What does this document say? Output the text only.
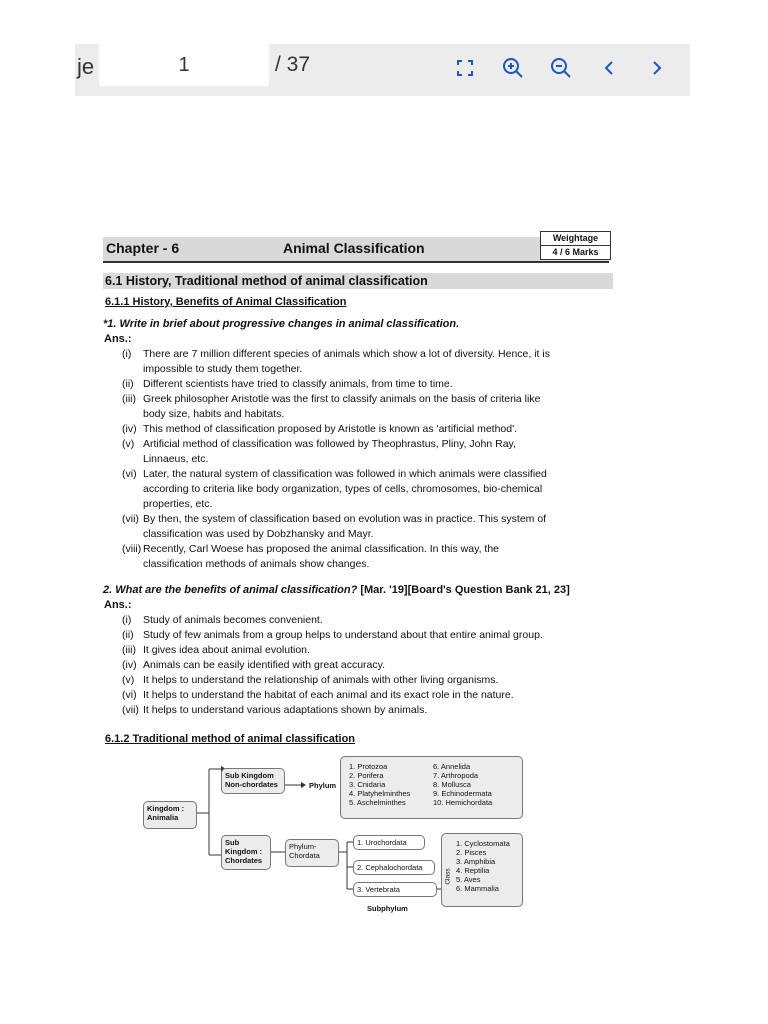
je	1	/ 37
Chapter - 6	Animal Classification
Weightage
4 / 6 Marks
6.1 History, Traditional method of animal classification
6.1.1 History, Benefits of Animal Classification
*1. Write in brief about progressive changes in animal classification.
Ans.:
(i) There are 7 million different species of animals which show a lot of diversity. Hence, it is
impossible to study them together.
(ii) Different scientists have tried to classify animals, from time to time.
(iii) Greek philosopher Aristotle was the first to classify animals on the basis of criteria like
body size, habits and habitats.
(iv) This method of classification proposed by Aristotle is known as 'artificial method'.
(v) Artificial method of classification was followed by Theophrastus, Pliny, John Ray,
Linnaeus, etc.
(vi) Later, the natural system of classification was followed in which animals were classified
according to criteria like body organization, types of cells, chromosomes, bio-chemical
properties, etc.
(vii) By then, the system of classification based on evolution was in practice. This system of
classification was used by Dobzhansky and Mayr.
(viii) Recently, Carl Woese has proposed the animal classification. In this way, the
classification methods of animals show changes.
2. What are the benefits of animal classification? [Mar. '19][Board's Question Bank 21, 23]
Ans.:
(i) Study of animals becomes convenient.
(ii) Study of few animals from a group helps to understand about that entire animal group.
(iii) It gives idea about animal evolution.
(iv) Animals can be easily identified with great accuracy.
(v) It helps to understand the relationship of animals with other living organisms.
(vi) It helps to understand the habitat of each animal and its exact role in the nature.
(vii) It helps to understand various adaptations shown by animals.
6.1.2 Traditional method of animal classification
Kingdom :
Animalia
Sub Kingdom
Non-chordates	Phylum
1. Protozoa
2. Porifera
3. Cnidaria
4. Platyhelminthes
5. Aschelminthes
6. Annelida
7. Arthropoda
8. Mollusca
9. Echinodermata
10. Hemichordata
Sub
Kingdom :
Chordates
Phylum-
Chordata
1. Urochordata
2. Cephalochordata
3. Vertebrata
Subphylum
Class
1. Cyclostomata
2. Pisces
3. Amphibia
4. Reptilia
5. Aves
6. Mammalia
